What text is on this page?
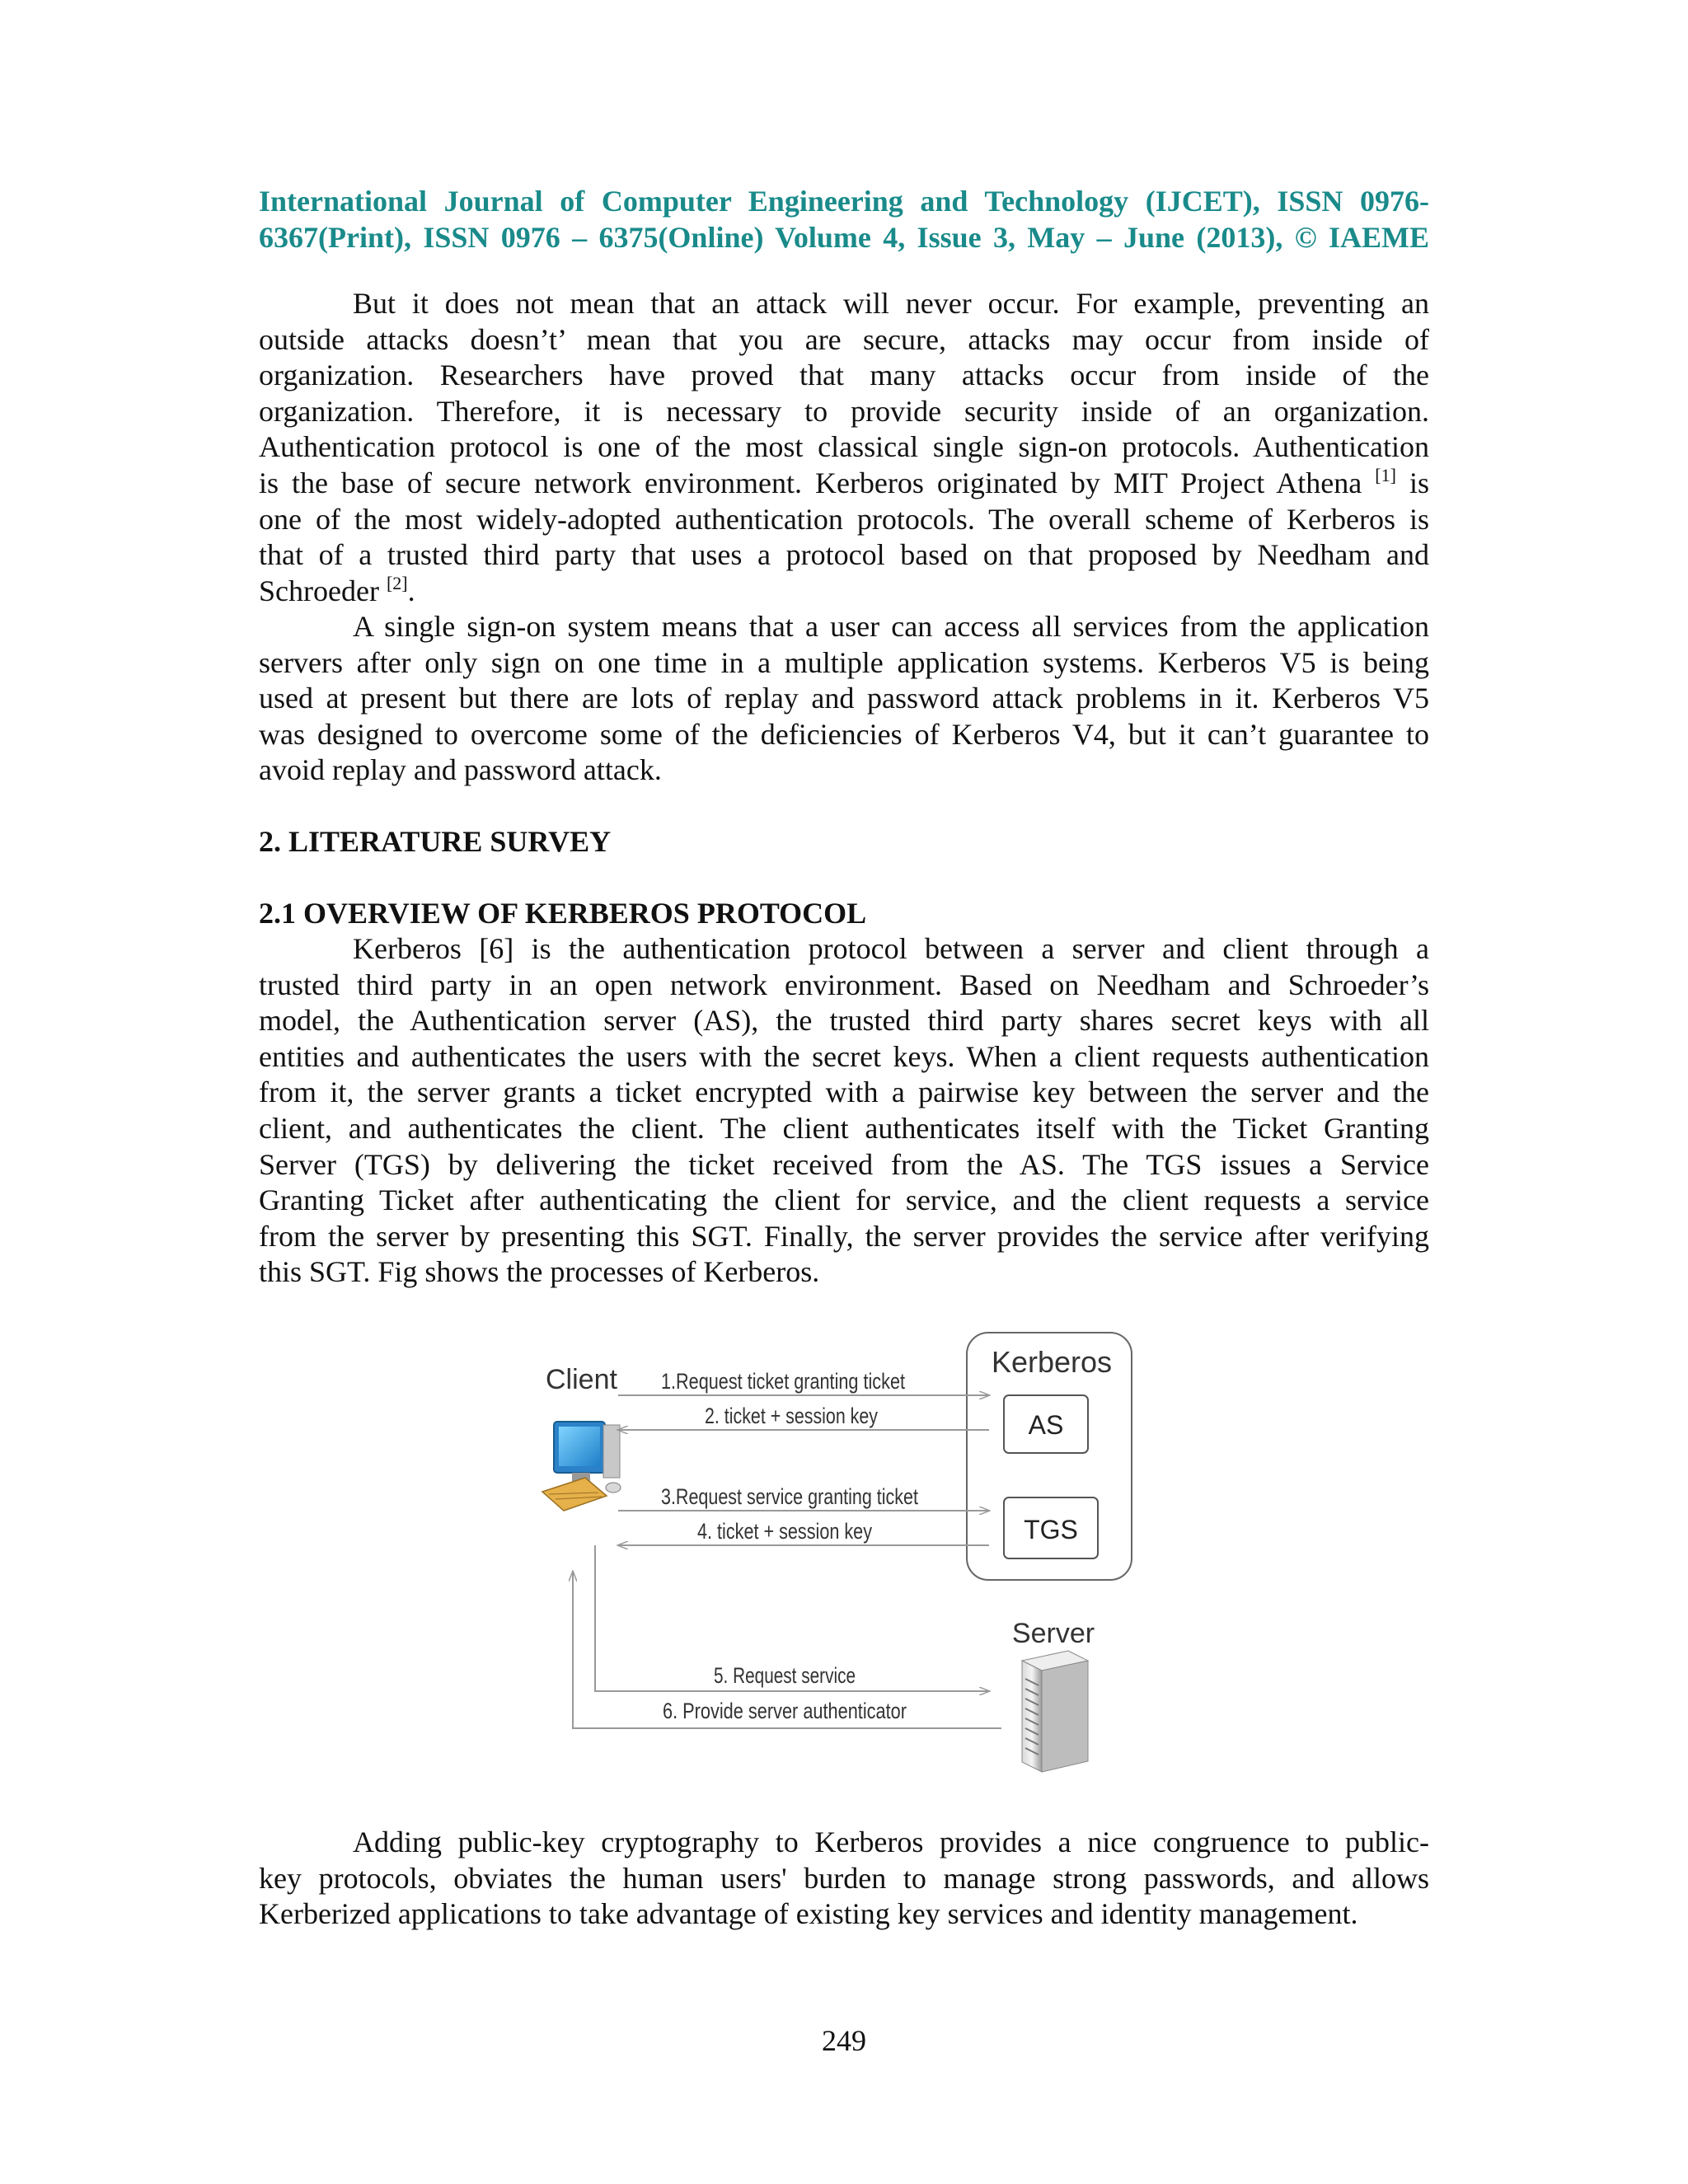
International Journal of Computer Engineering and Technology (IJCET), ISSN 0976-
6367(Print), ISSN 0976 – 6375(Online) Volume 4, Issue 3, May – June (2013), © IAEME
But it does not mean that an attack will never occur. For example, preventing an
outside attacks doesn’t’ mean that you are secure, attacks may occur from inside of
organization. Researchers have proved that many attacks occur from inside of the
organization. Therefore, it is necessary to provide security inside of an organization.
Authentication protocol is one of the most classical single sign-on protocols. Authentication
is the base of secure network environment. Kerberos originated by MIT Project Athena [1] is
one of the most widely-adopted authentication protocols. The overall scheme of Kerberos is
that of a trusted third party that uses a protocol based on that proposed by Needham and
Schroeder [2].
A single sign-on system means that a user can access all services from the application
servers after only sign on one time in a multiple application systems. Kerberos V5 is being
used at present but there are lots of replay and password attack problems in it. Kerberos V5
was designed to overcome some of the deficiencies of Kerberos V4, but it can’t guarantee to
avoid replay and password attack.
2. LITERATURE SURVEY
2.1 OVERVIEW OF KERBEROS PROTOCOL
Kerberos [6] is the authentication protocol between a server and client through a
trusted third party in an open network environment. Based on Needham and Schroeder’s
model, the Authentication server (AS), the trusted third party shares secret keys with all
entities and authenticates the users with the secret keys. When a client requests authentication
from it, the server grants a ticket encrypted with a pairwise key between the server and the
client, and authenticates the client. The client authenticates itself with the Ticket Granting
Server (TGS) by delivering the ticket received from the AS. The TGS issues a Service
Granting Ticket after authenticating the client for service, and the client requests a service
from the server by presenting this SGT. Finally, the server provides the service after verifying
this SGT. Fig shows the processes of Kerberos.
Kerberos
AS
TGS
Client 1.Request ticket granting ticket
2. ticket + session key
3.Request service granting ticket
4. ticket + session key
Server
5. Request service
6. Provide server authenticator
Adding public-key cryptography to Kerberos provides a nice congruence to public-
key protocols, obviates the human users' burden to manage strong passwords, and allows
Kerberized applications to take advantage of existing key services and identity management.
249
